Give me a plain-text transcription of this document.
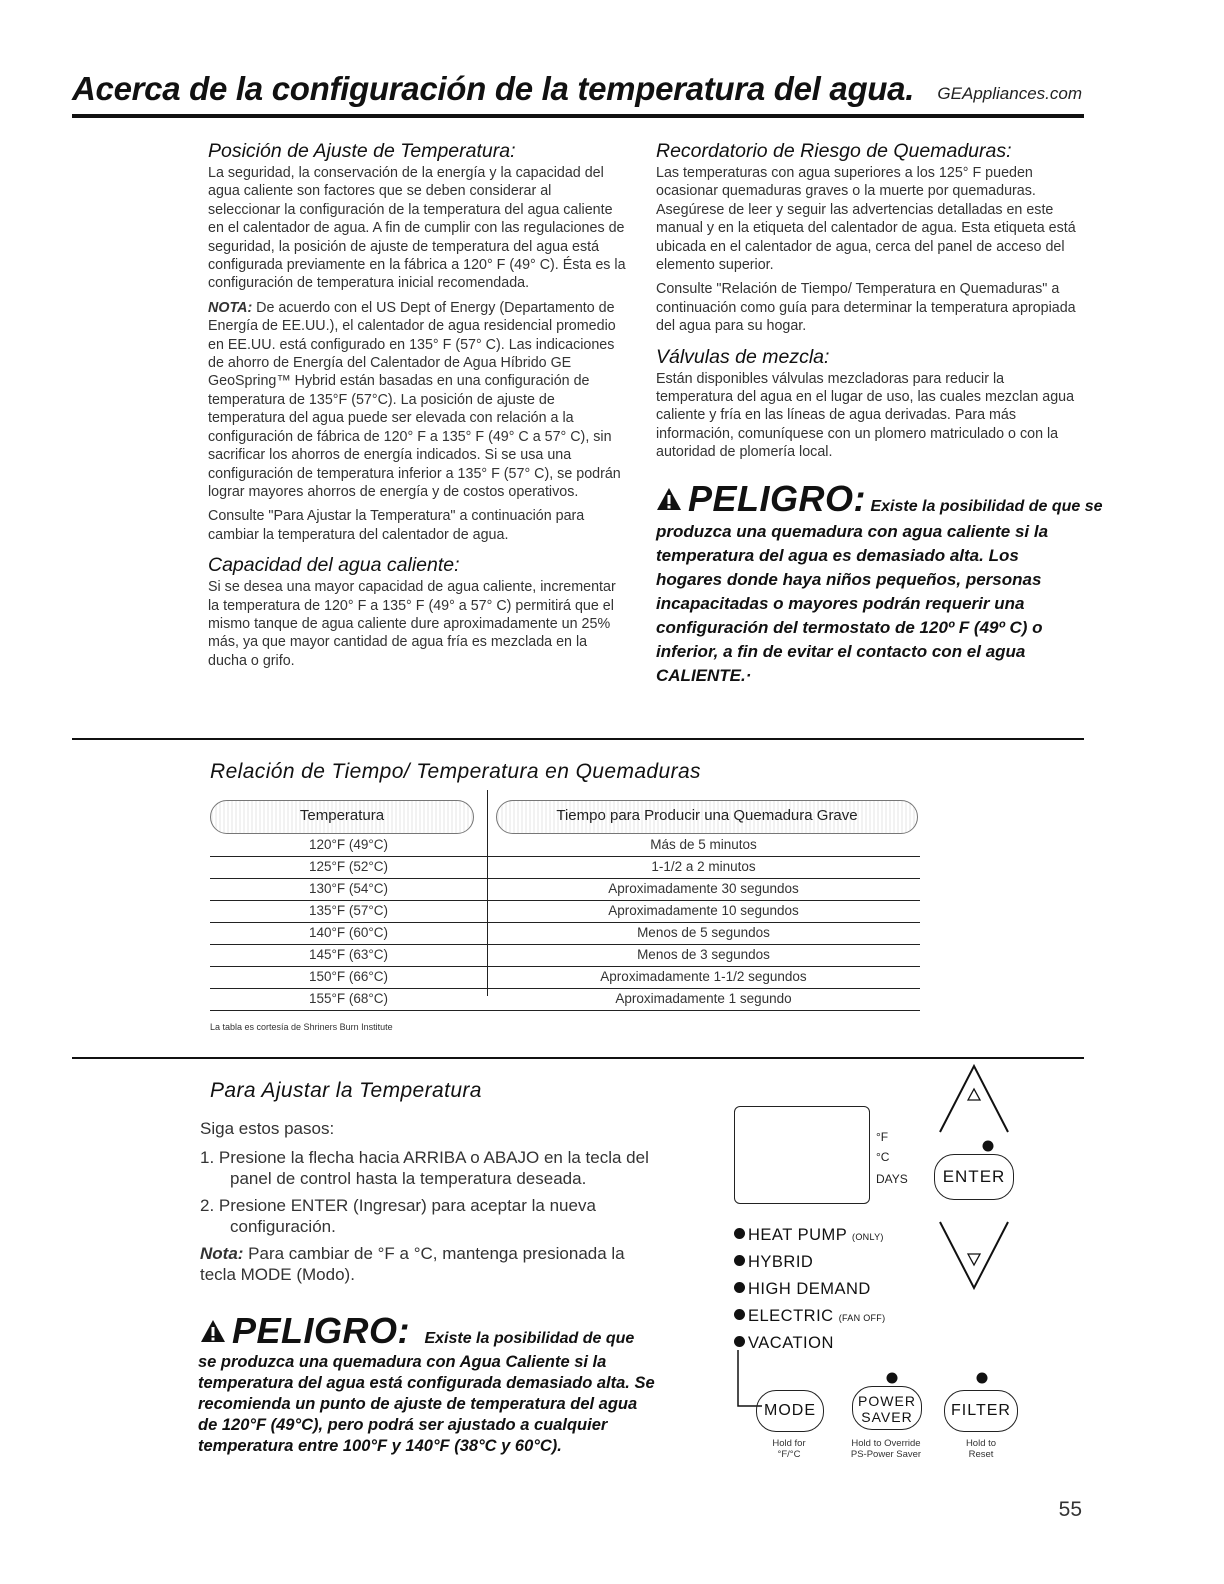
Acerca de la configuración de la temperatura del agua. GEAppliances.com
Posición de Ajuste de Temperatura:

La seguridad, la conservación de la energía y la capacidad del agua caliente son factores que se deben considerar al seleccionar la configuración de la temperatura del agua caliente en el calentador de agua. A fin de cumplir con las regulaciones de seguridad, la posición de ajuste de temperatura del agua está configurada previamente en la fábrica a 120° F (49° C). Ésta es la configuración de temperatura inicial recomendada.

NOTA: De acuerdo con el US Dept of Energy (Departamento de Energía de EE.UU.), el calentador de agua residencial promedio en EE.UU. está configurado en 135° F (57° C). Las indicaciones de ahorro de Energía del Calentador de Agua Híbrido GE GeoSpring™ Hybrid están basadas en una configuración de temperatura de 135°F (57°C). La posición de ajuste de temperatura del agua puede ser elevada con relación a la configuración de fábrica de 120° F a 135° F (49° C a 57° C), sin sacrificar los ahorros de energía indicados. Si se usa una configuración de temperatura inferior a 135° F (57° C), se podrán lograr mayores ahorros de energía y de costos operativos.

Consulte "Para Ajustar la Temperatura" a continuación para cambiar la temperatura del calentador de agua.

Capacidad del agua caliente:

Si se desea una mayor capacidad de agua caliente, incrementar la temperatura de 120° F a 135° F (49° a 57° C) permitirá que el mismo tanque de agua caliente dure aproximadamente un 25% más, ya que mayor cantidad de agua fría es mezclada en la ducha o grifo.

Recordatorio de Riesgo de Quemaduras:

Las temperaturas con agua superiores a los 125° F pueden ocasionar quemaduras graves o la muerte por quemaduras. Asegúrese de leer y seguir las advertencias detalladas en este manual y en la etiqueta del calentador de agua. Esta etiqueta está ubicada en el calentador de agua, cerca del panel de acceso del elemento superior.

Consulte "Relación de Tiempo/ Temperatura en Quemaduras" a continuación como guía para determinar la temperatura apropiada del agua para su hogar.

Válvulas de mezcla:

Están disponibles válvulas mezcladoras para reducir la temperatura del agua en el lugar de uso, las cuales mezclan agua caliente y fría en las líneas de agua derivadas. Para más información, comuníquese con un plomero matriculado o con la autoridad de plomería local.

PELIGRO: Existe la posibilidad de que se
produzca una quemadura con agua caliente si la temperatura del agua es demasiado alta. Los hogares donde haya niños pequeños, personas incapacitadas o mayores podrán requerir una configuración del termostato de 120º F (49º C) o inferior, a fin de evitar el contacto con el agua CALIENTE.·
Relación de Tiempo/ Temperatura en Quemaduras
Temperatura	Tiempo para Producir una Quemadura Grave
120°F (49°C)	Más de 5 minutos
125°F (52°C)	1-1/2 a 2 minutos
130°F (54°C)	Aproximadamente 30 segundos
135°F (57°C)	Aproximadamente 10 segundos
140°F (60°C)	Menos de 5 segundos
145°F (63°C)	Menos de 3 segundos
150°F (66°C)	Aproximadamente 1-1/2 segundos
155°F (68°C)	Aproximadamente 1 segundo
La tabla es cortesía de Shriners Burn Institute
Para Ajustar la Temperatura

Siga estos pasos:

1. Presione la flecha hacia ARRIBA o ABAJO en la tecla del panel de control hasta la temperatura deseada.
2. Presione ENTER (Ingresar) para aceptar la nueva configuración.

Nota: Para cambiar de °F a °C, mantenga presionada la tecla MODE (Modo).

PELIGRO: Existe la posibilidad de que
se produzca una quemadura con Agua Caliente si la temperatura del agua está configurada demasiado alta. Se recomienda un punto de ajuste de temperatura del agua de 120°F (49°C), pero podrá ser ajustado a cualquier temperatura entre 100°F y 140°F (38°C y 60°C).
°F
°C
DAYS	ENTER
HEAT PUMP (ONLY)
HYBRID
HIGH DEMAND
ELECTRIC (FAN OFF)
VACATION
MODE
POWER
SAVER	FILTER
Hold for
°F/°C
Hold to Override
PS-Power Saver
Hold to
Reset
55
